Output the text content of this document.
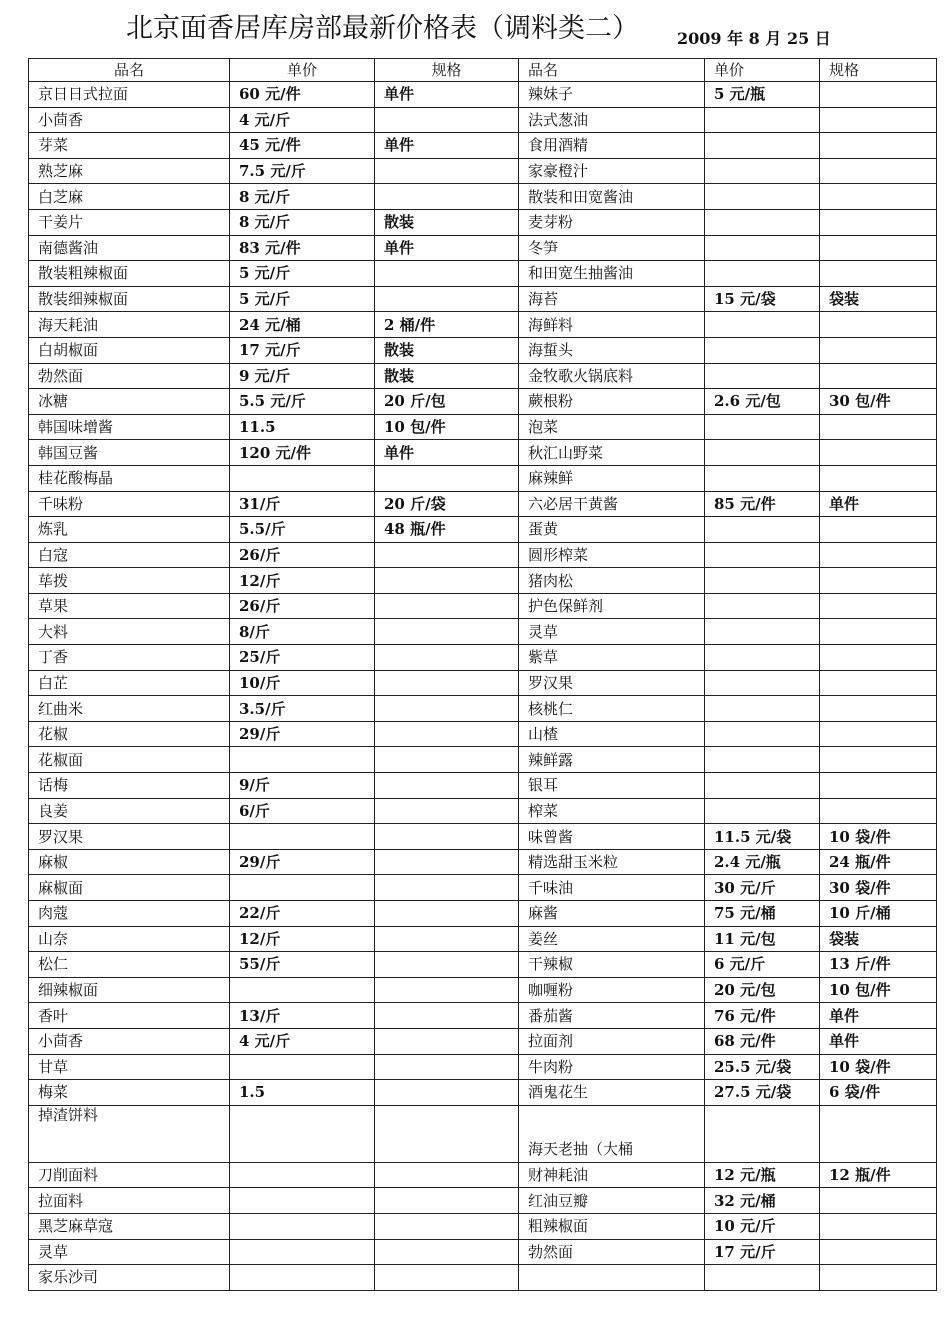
北京面香居库房部最新价格表（调料类二） 2009 年 8 月 25 日
品名	单价	规格	品名	单价	规格
京日日式拉面	60 元/件	单件	辣妹子	5 元/瓶	
小茴香	4 元/斤		法式葱油		
芽菜	45 元/件	单件	食用酒精		
熟芝麻	7.5 元/斤		家豪橙汁		
白芝麻	8 元/斤		散装和田宽酱油		
干姜片	8 元/斤	散装	麦芽粉		
南德酱油	83 元/件	单件	冬笋		
散装粗辣椒面	5 元/斤		和田宽生抽酱油		
散装细辣椒面	5 元/斤		海苔	15 元/袋	袋装
海天耗油	24 元/桶	2 桶/件	海鲜料		
白胡椒面	17 元/斤	散装	海蜇头		
勃然面	9 元/斤	散装	金牧歌火锅底料		
冰糖	5.5 元/斤	20 斤/包	蕨根粉	2.6 元/包	30 包/件
韩国味增酱	11.5	10 包/件	泡菜		
韩国豆酱	120 元/件	单件	秋汇山野菜		
桂花酸梅晶			麻辣鲜		
千味粉	31/斤	20 斤/袋	六必居干黄酱	85 元/件	单件
炼乳	5.5/斤	48 瓶/件	蛋黄		
白寇	26/斤		圆形榨菜		
荜拨	12/斤		猪肉松		
草果	26/斤		护色保鲜剂		
大料	8/斤		灵草		
丁香	25/斤		紫草		
白芷	10/斤		罗汉果		
红曲米	3.5/斤		核桃仁		
花椒	29/斤		山楂		
花椒面			辣鲜露		
话梅	9/斤		银耳		
良姜	6/斤		榨菜		
罗汉果			味曾酱	11.5 元/袋	10 袋/件
麻椒	29/斤		精选甜玉米粒	2.4 元/瓶	24 瓶/件
麻椒面			千味油	30 元/斤	30 袋/件
肉蔻	22/斤		麻酱	75 元/桶	10 斤/桶
山奈	12/斤		姜丝	11 元/包	袋装
松仁	55/斤		干辣椒	6 元/斤	13 斤/件
细辣椒面			咖喱粉	20 元/包	10 包/件
香叶	13/斤		番茄酱	76 元/件	单件
小茴香	4 元/斤		拉面剂	68 元/件	单件
甘草			牛肉粉	25.5 元/袋	10 袋/件
梅菜	1.5		酒鬼花生	27.5 元/袋	6 袋/件
掉渣饼料			海天老抽（大桶		
刀削面料			财神耗油	12 元/瓶	12 瓶/件
拉面料			红油豆瓣	32 元/桶	
黑芝麻草寇			粗辣椒面	10 元/斤	
灵草			勃然面	17 元/斤	
家乐沙司					
